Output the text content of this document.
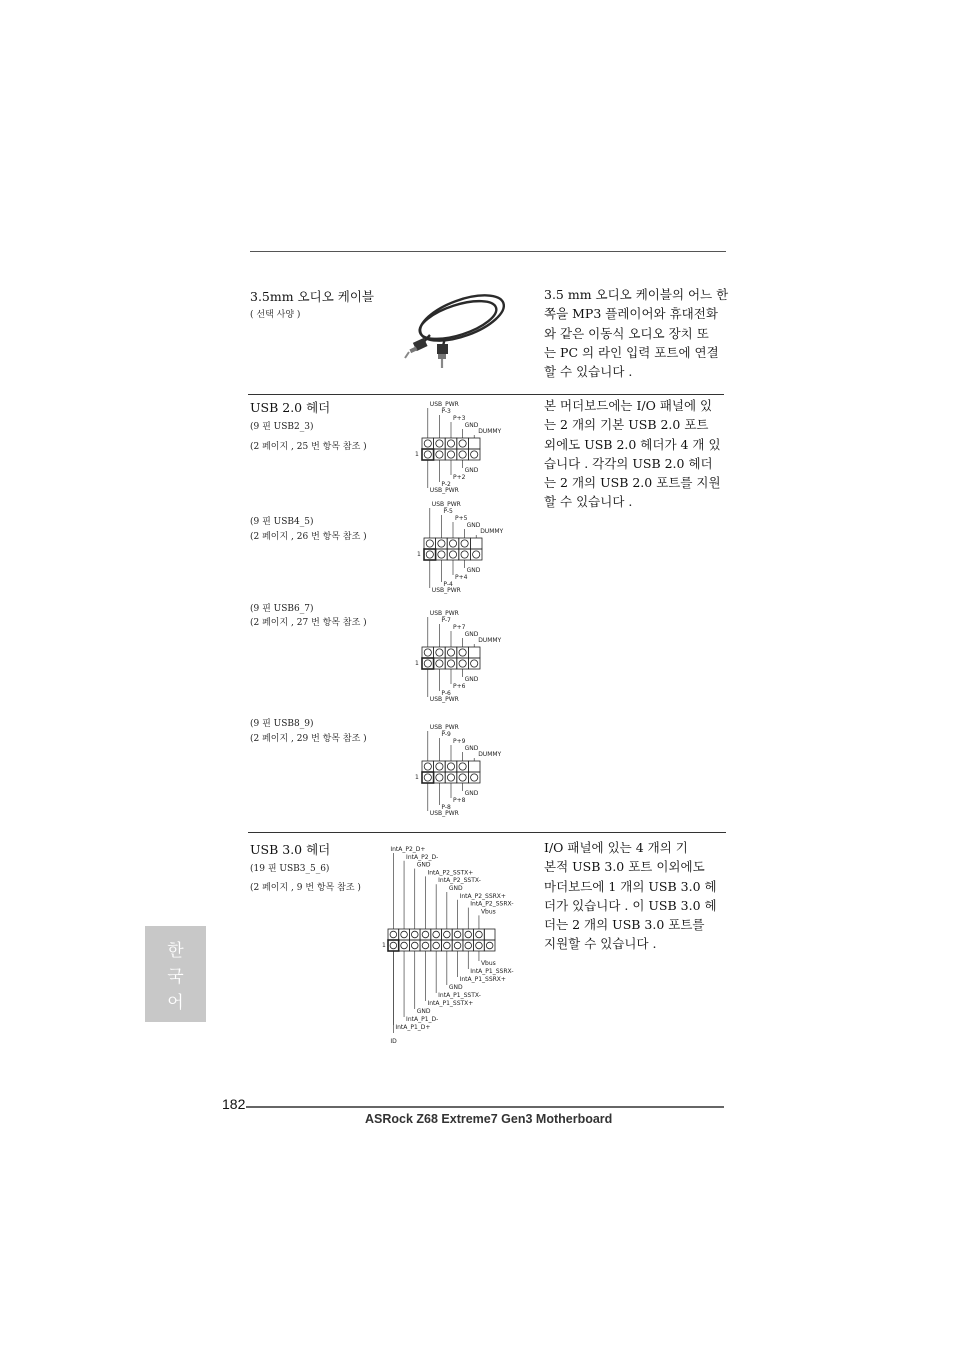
3.5mm 오디오 케이블
( 선택 사양 )
3.5 mm 오디오 케이블의 어느 한
쪽을 MP3 플레이어와 휴대전화
와 같은 이동식 오디오 장치 또
는 PC 의 라인 입력 포트에 연결
할 수 있습니다 .
USB 2.0 헤더	본 머더보드에는 I/O 패널에 있
는 2 개의 기본 USB 2.0 포트
외에도 USB 2.0 헤더가 4 개 있
습니다 . 각각의 USB 2.0 헤더
는 2 개의 USB 2.0 포트를 지원
할 수 있습니다 .
(9 핀 USB2_3)
(2 페이지 , 25 번 항목 참조 )
1
USB_PWR
P-3
P+3
GND
DUMMY
GND
P+2
P-2
USB_PWR
(9 핀 USB4_5)
(2 페이지 , 26 번 항목 참조 )
1
USB_PWR
P-5
P+5
GND
DUMMY
GND
P+4
P-4
USB_PWR
(9 핀 USB6_7)
(2 페이지 , 27 번 항목 참조 )
1
USB_PWR
P-7
P+7
GND
DUMMY
GND
P+6
P-6
USB_PWR
(9 핀 USB8_9)
(2 페이지 , 29 번 항목 참조 )
1
USB_PWR
P-9
P+9
GND
DUMMY
GND
P+8
P-8
USB_PWR
USB 3.0 헤더
(19 핀 USB3_5_6)
(2 페이지 , 9 번 항목 참조 )
1
IntA_P2_D+
IntA_P2_D-
GND
IntA_P2_SSTX+
IntA_P2_SSTX-
GND
IntA_P2_SSRX+
IntA_P2_SSRX-
Vbus
Vbus
IntA_P1_SSRX-
IntA_P1_SSRX+
GND
IntA_P1_SSTX-
IntA_P1_SSTX+
GND
IntA_P1_D-
IntA_P1_D+
ID
I/O 패널에 있는 4 개의 기
본적 USB 3.0 포트 이외에도
마더보드에 1 개의 USB 3.0 헤
더가 있습니다 . 이 USB 3.0 헤
더는 2 개의 USB 3.0 포트를
지원할 수 있습니다 .
한
국
어
182
ASRock Z68 Extreme7 Gen3 Motherboard
